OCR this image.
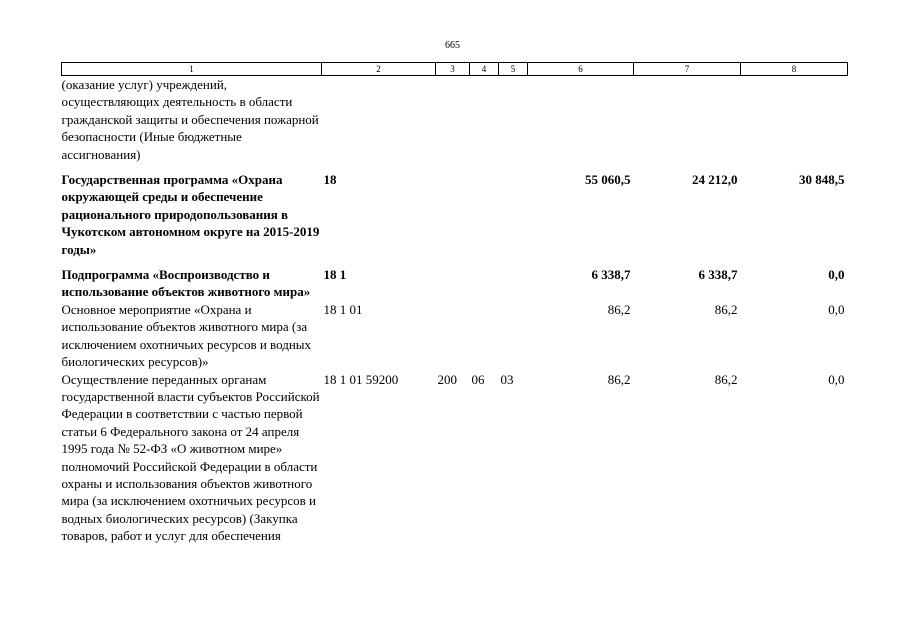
665
1	2	3	4	5	6	7	8
(оказание услуг) учреждений, осуществляющих деятельность в области гражданской защиты и обеспечения пожарной безопасности (Иные бюджетные ассигнования)							
Государственная программа «Охрана окружающей среды и обеспечение рационального природопользования в Чукотском автономном округе на 2015-2019 годы»	18				55 060,5	24 212,0	30 848,5
Подпрограмма «Воспроизводство и использование объектов животного мира»	18 1				6 338,7	6 338,7	0,0
Основное мероприятие «Охрана и использование объектов животного мира (за исключением охотничьих ресурсов и водных биологических ресурсов)»	18 1 01				86,2	86,2	0,0
Осуществление переданных органам государственной власти субъектов Российской Федерации в соответствии с частью первой статьи 6 Федерального закона от 24 апреля 1995 года № 52-ФЗ «О животном мире» полномочий Российской Федерации в области охраны и использования объектов животного мира (за исключением охотничьих ресурсов и водных биологических ресурсов) (Закупка товаров, работ и услуг для обеспечения	18 1 01 59200	200	06	03	86,2	86,2	0,0
